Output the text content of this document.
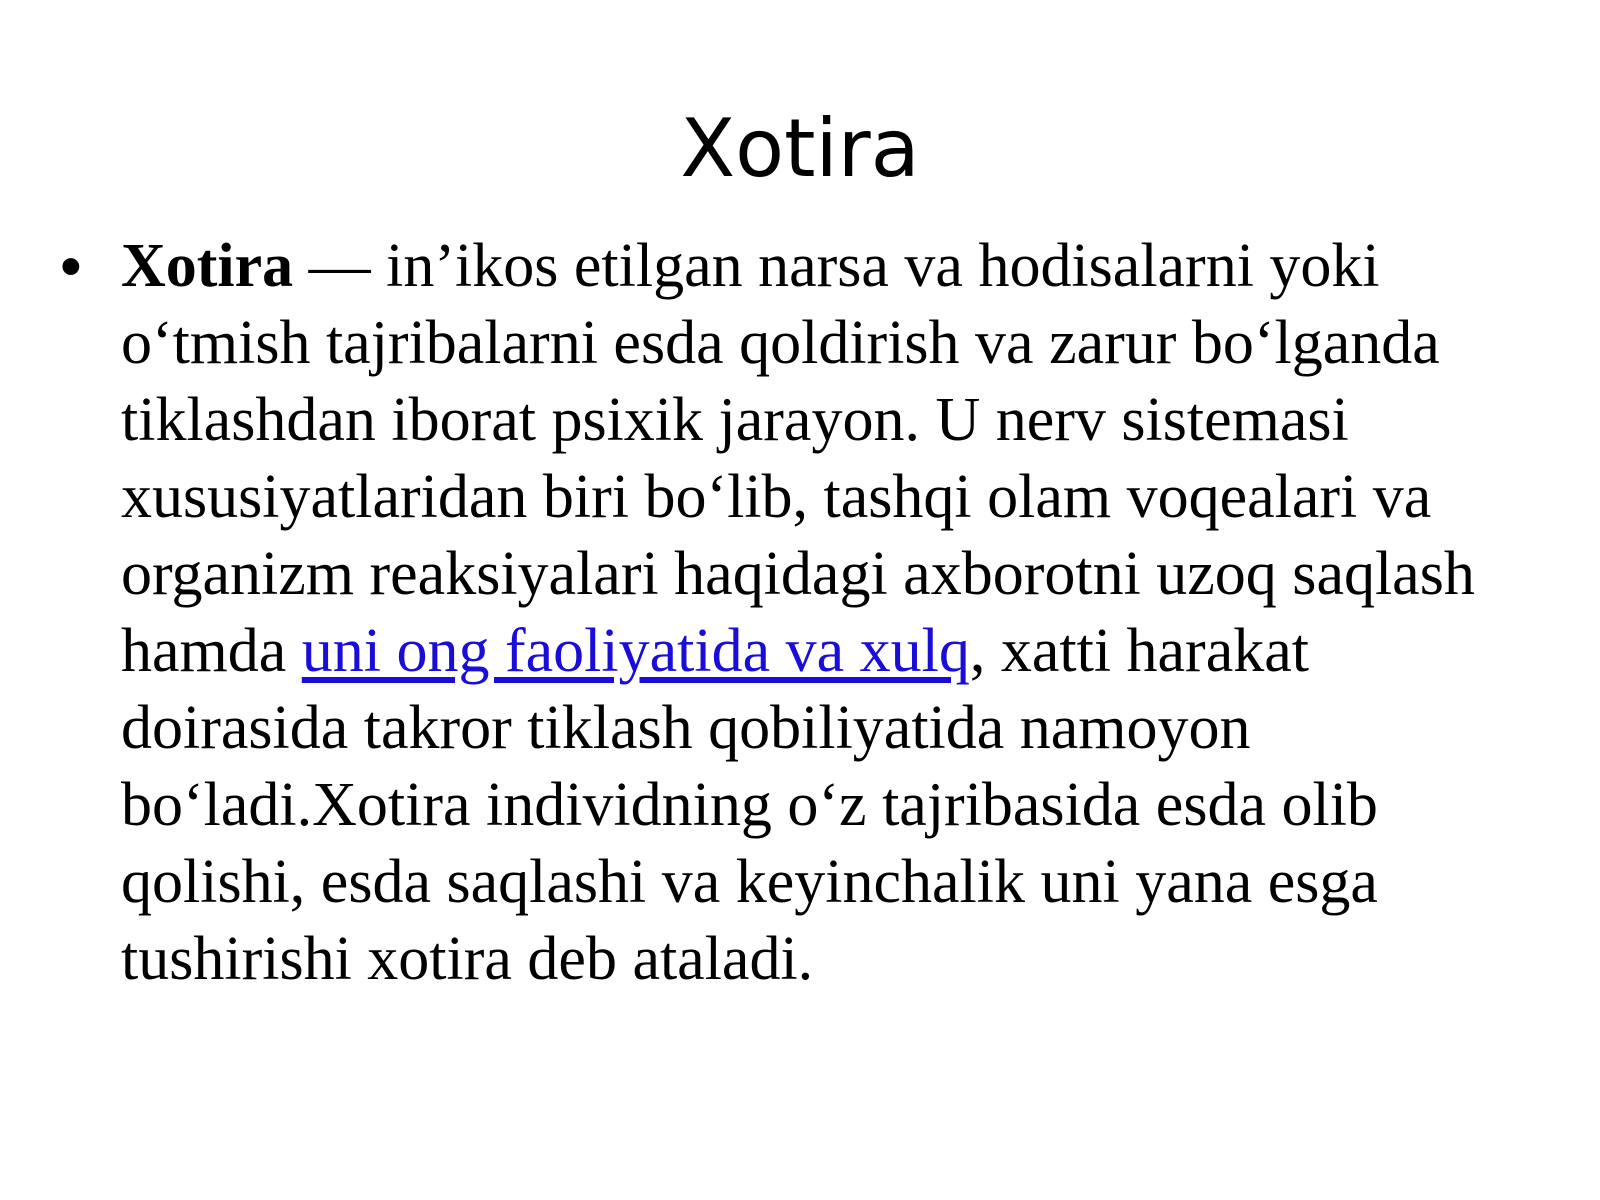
Xotira
• Xotira — in’ikos etilgan narsa va hodisalarni yoki o‘tmish tajribalarni esda qoldirish va zarur bo‘lganda tiklashdan iborat psixik jarayon. U nerv sistemasi xususiyatlaridan biri bo‘lib, tashqi olam voqealari va organizm reaksiyalari haqidagi axborotni uzoq saqlash hamda uni ong faoliyatida va xulq, xatti harakat doirasida takror tiklash qobiliyatida namoyon bo‘ladi.Xotira individning o‘z tajribasida esda olib qolishi, esda saqlashi va keyinchalik uni yana esga tushirishi xotira deb ataladi.
